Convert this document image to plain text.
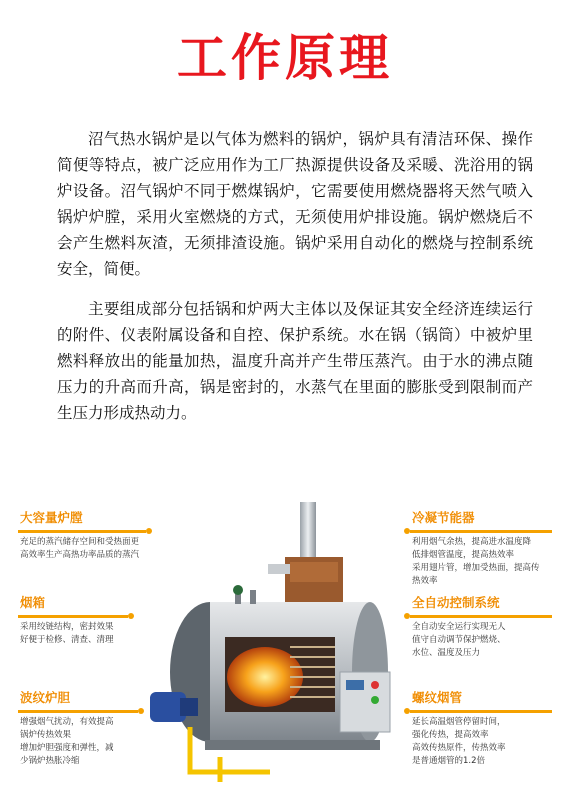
工作原理

沼气热水锅炉是以气体为燃料的锅炉，锅炉具有清洁环保、操作简便等特点，被广泛应用作为工厂热源提供设备及采暖、洗浴用的锅炉设备。沼气锅炉不同于燃煤锅炉，它需要使用燃烧器将天然气喷入锅炉炉膛，采用火室燃烧的方式，无须使用炉排设施。锅炉燃烧后不会产生燃料灰渣，无须排渣设施。锅炉采用自动化的燃烧与控制系统安全，简便。

主要组成部分包括锅和炉两大主体以及保证其安全经济连续运行的附件、仪表附属设备和自控、保护系统。水在锅（锅筒）中被炉里燃料释放出的能量加热，温度升高并产生带压蒸汽。由于水的沸点随压力的升高而升高，锅是密封的，水蒸气在里面的膨胀受到限制而产生压力形成热动力。

大容量炉膛

充足的蒸汽储存空间和受热面更

高效率生产高热功率品质的蒸汽

烟箱

采用绞链结构，密封效果

好便于检修、清查、清理

波纹炉胆

增强烟气扰动，有效提高

锅炉传热效果

增加炉胆强度和弹性，减

少锅炉热胀冷缩

冷凝节能器

利用烟气余热，提高进水温度降

低排烟管温度，提高热效率

采用翅片管，增加受热面，提高传

热效率

全自动控制系统

全自动安全运行实现无人

值守自动调节保护燃烧、

水位、温度及压力

螺纹烟管

延长高温烟管停留时间，

强化传热，提高效率

高效传热原件，传热效率

是普通烟管的1.2倍
